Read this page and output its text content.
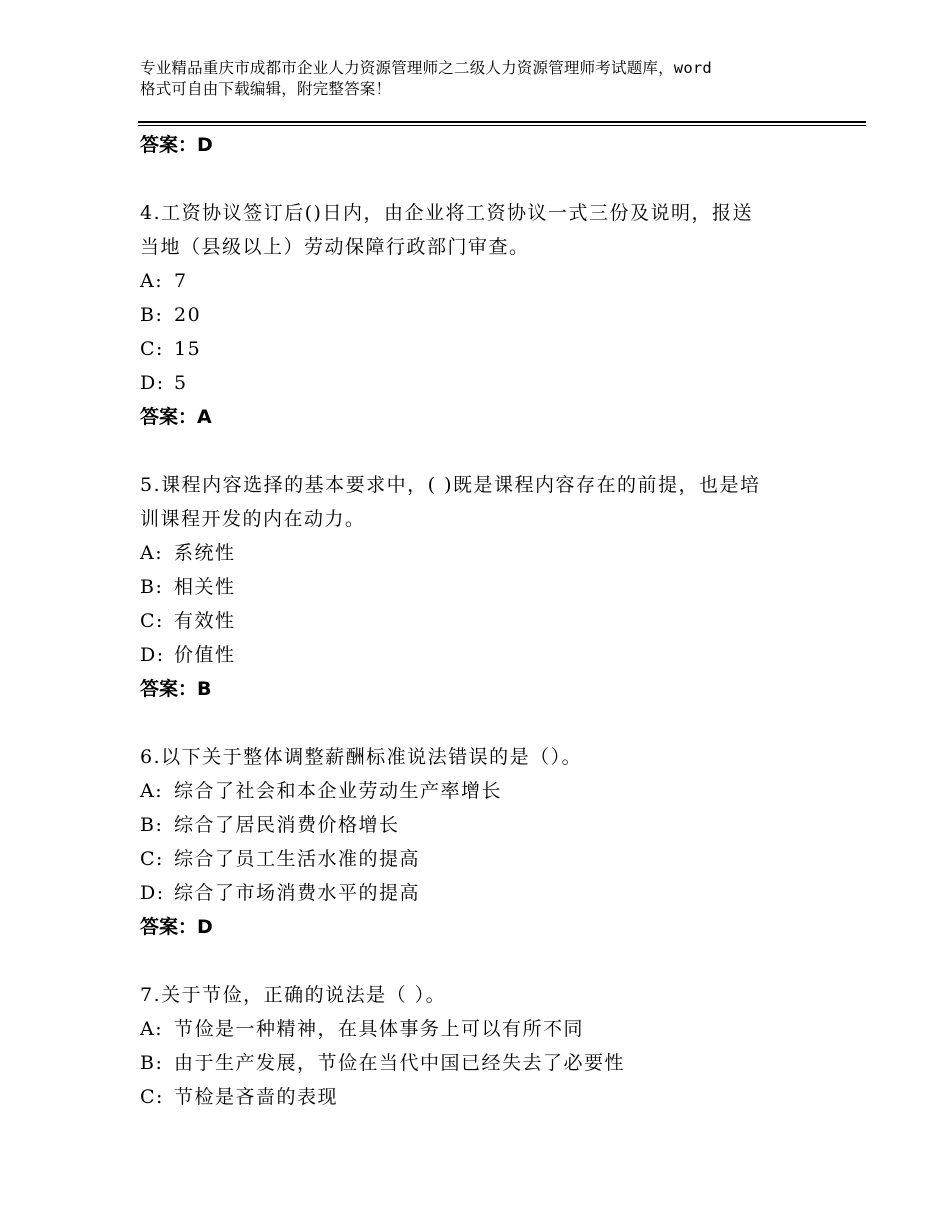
专业精品重庆市成都市企业人力资源管理师之二级人力资源管理师考试题库，word
格式可自由下载编辑，附完整答案！
答案：D
4.工资协议签订后()日内，由企业将工资协议一式三份及说明，报送
当地（县级以上）劳动保障行政部门审查。
A: 7
B: 20
C: 15
D: 5
答案：A
5.课程内容选择的基本要求中，( )既是课程内容存在的前提，也是培
训课程开发的内在动力。
A: 系统性
B: 相关性
C: 有效性
D: 价值性
答案：B
6.以下关于整体调整薪酬标准说法错误的是（）。
A: 综合了社会和本企业劳动生产率增长
B: 综合了居民消费价格增长
C: 综合了员工生活水准的提高
D: 综合了市场消费水平的提高
答案：D
7.关于节俭，正确的说法是（ ）。
A: 节俭是一种精神，在具体事务上可以有所不同
B: 由于生产发展，节俭在当代中国已经失去了必要性
C: 节检是吝啬的表现
